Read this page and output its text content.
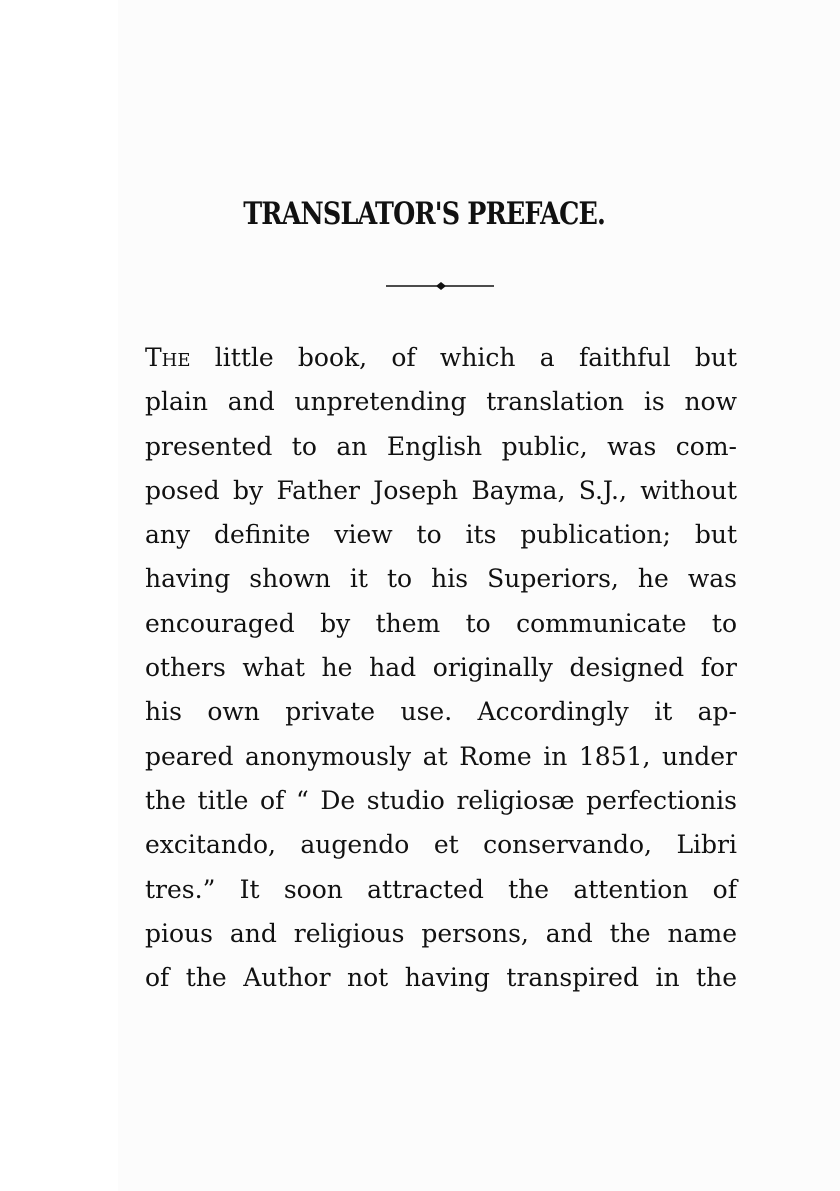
TRANSLATOR'S PREFACE.
The little book, of which a faithful but
plain and unpretending translation is now
presented to an English public, was com-
posed by Father Joseph Bayma, S.J., without
any definite view to its publication; but
having shown it to his Superiors, he was
encouraged by them to communicate to
others what he had originally designed for
his own private use. Accordingly it ap-
peared anonymously at Rome in 1851, under
the title of “ De studio religiosæ perfectionis
excitando, augendo et conservando, Libri
tres.” It soon attracted the attention of
pious and religious persons, and the name
of the Author not having transpired in the
